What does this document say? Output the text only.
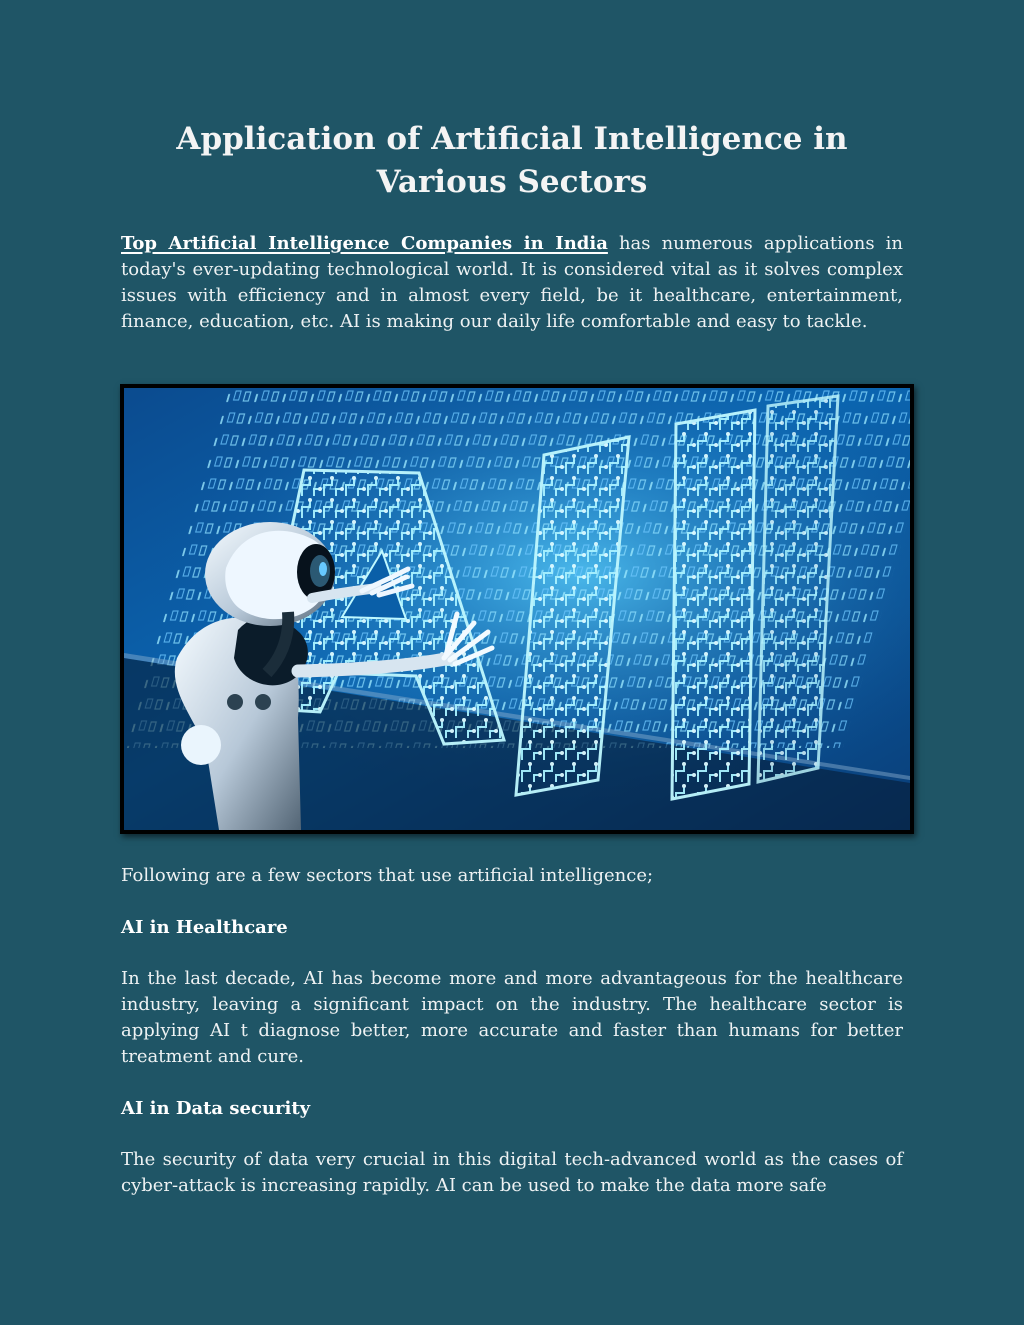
Application of Artificial Intelligence in Various Sectors

Top Artificial Intelligence Companies in India has numerous applications in today's ever-updating technological world. It is considered vital as it solves complex issues with efficiency and in almost every field, be it healthcare, entertainment, finance, education, etc. AI is making our daily life comfortable and easy to tackle.

Following are a few sectors that use artificial intelligence;

AI in Healthcare

In the last decade, AI has become more and more advantageous for the healthcare industry, leaving a significant impact on the industry. The healthcare sector is applying AI t diagnose better, more accurate and faster than humans for better treatment and cure.

AI in Data security

The security of data very crucial in this digital tech-advanced world as the cases of cyber-attack is increasing rapidly. AI can be used to make the data more safe
